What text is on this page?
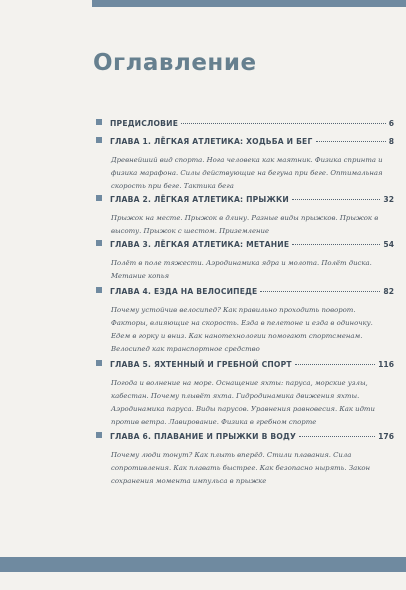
Оглавление
ПРЕДИСЛОВИЕ	6
ГЛАВА 1. ЛЁГКАЯ АТЛЕТИКА: ХОДЬБА И БЕГ	8

Древнейший вид спорта. Нога человека как маятник. Физика спринта и физика марафона. Силы действующие на бегуна при беге. Оптимальная скорость при беге. Тактика бега

ГЛАВА 2. ЛЁГКАЯ АТЛЕТИКА: ПРЫЖКИ	32

Прыжок на месте. Прыжок в длину. Разные виды прыжков. Прыжок в высоту. Прыжок с шестом. Приземление

ГЛАВА 3. ЛЁГКАЯ АТЛЕТИКА: МЕТАНИЕ	54

Полёт в поле тяжести. Аэродинамика ядра и молота. Полёт диска. Метание копья

ГЛАВА 4. ЕЗДА НА ВЕЛОСИПЕДЕ	82

Почему устойчив велосипед? Как правильно проходить поворот. Факторы, влияющие на скорость. Езда в пелетоне и езда в одиночку. Едем в горку и вниз. Как нанотехнологии помогают спортсменам. Велосипед как транспортное средство

ГЛАВА 5. ЯХТЕННЫЙ И ГРЕБНОЙ СПОРТ	116

Погода и волнение на море. Оснащение яхты: паруса, морские узлы, кабестан. Почему плывёт яхта. Гидродинамика движения яхты. Аэродинамика паруса. Виды парусов. Уравнения равновесия. Как идти против ветра. Лавирование. Физика в гребном спорте

ГЛАВА 6. ПЛАВАНИЕ И ПРЫЖКИ В ВОДУ	176

Почему люди тонут? Как плыть вперёд. Стили плавания. Сила сопротивления. Как плавать быстрее. Как безопасно нырять. Закон сохранения момента импульса в прыжке
